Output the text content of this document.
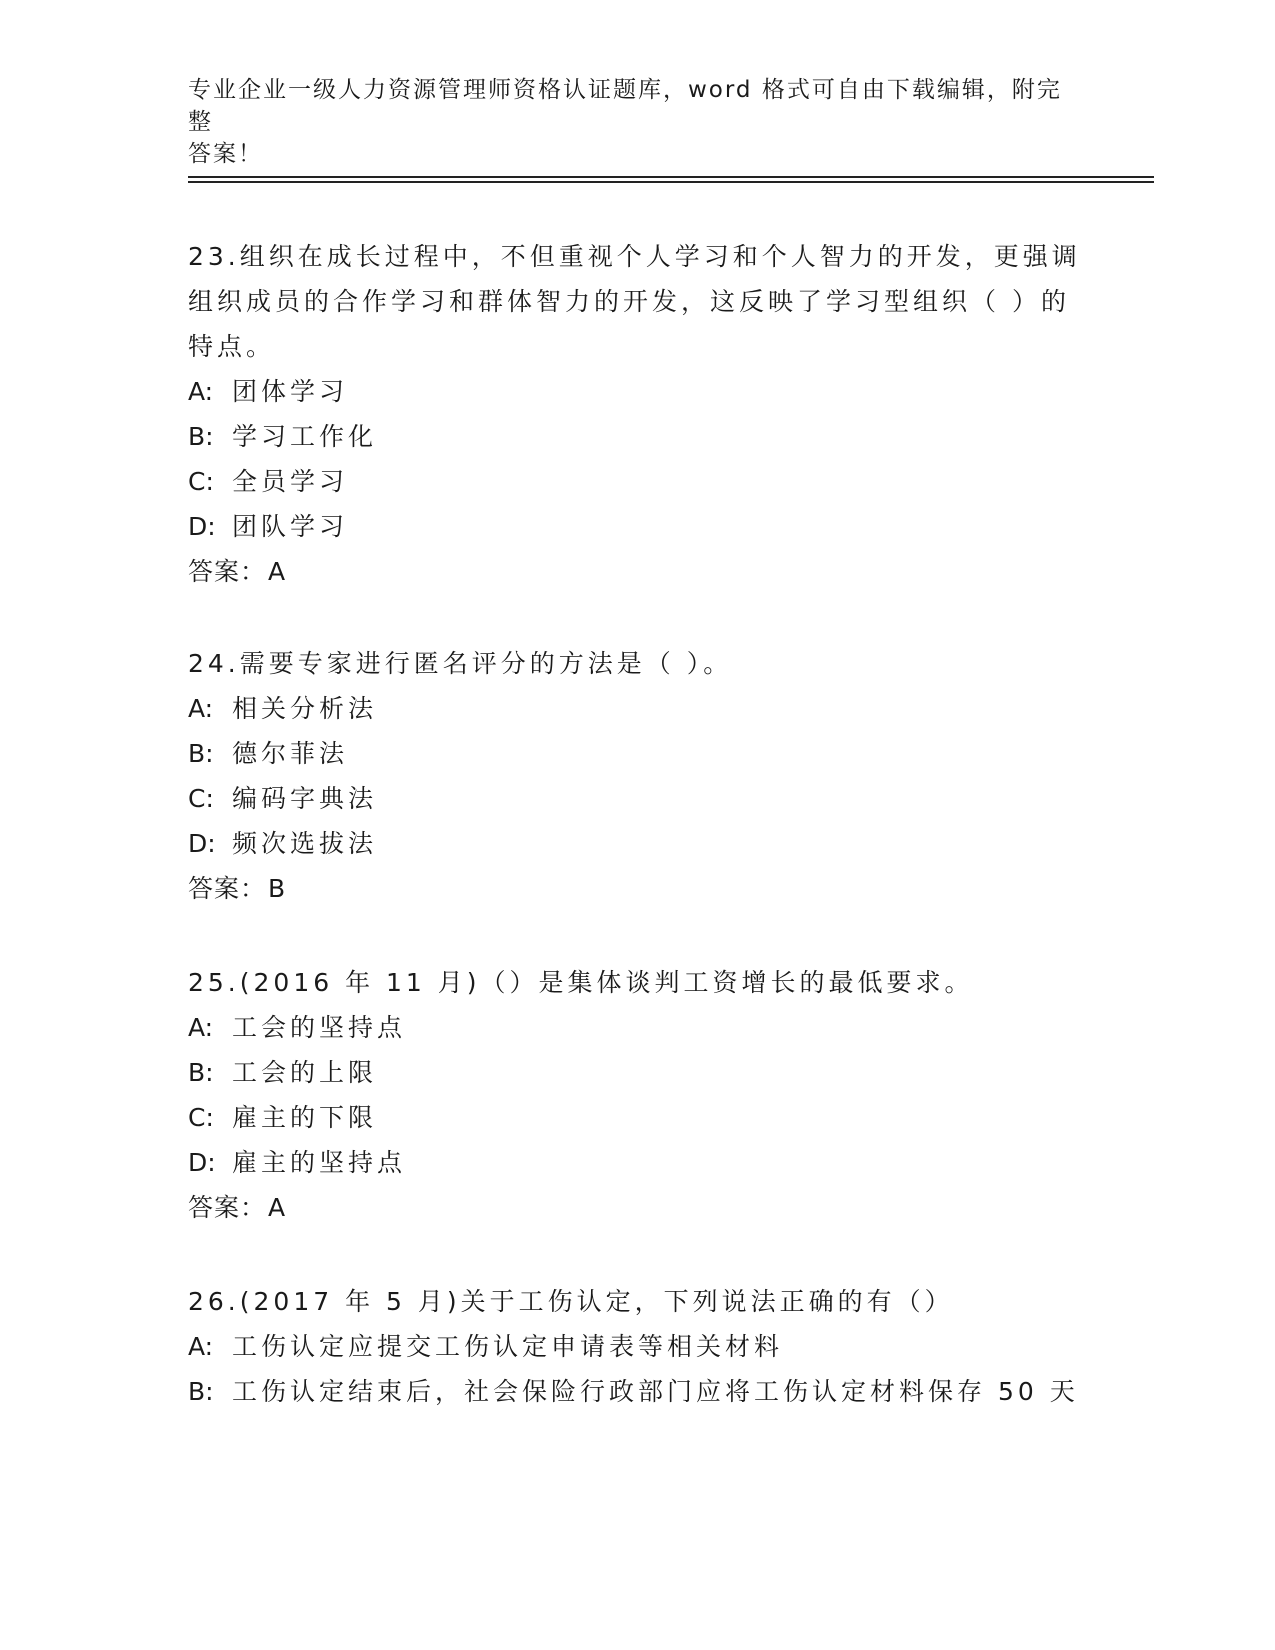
专业企业一级人力资源管理师资格认证题库，word 格式可自由下载编辑，附完整
答案！

23.组织在成长过程中，不但重视个人学习和个人智力的开发，更强调

组织成员的合作学习和群体智力的开发，这反映了学习型组织（ ）的

特点。

A: 团体学习

B: 学习工作化

C: 全员学习

D: 团队学习

答案：A

24.需要专家进行匿名评分的方法是（ ）。

A: 相关分析法

B: 德尔菲法

C: 编码字典法

D: 频次选拔法

答案：B

25.(2016 年 11 月)（）是集体谈判工资增长的最低要求。

A: 工会的坚持点

B: 工会的上限

C: 雇主的下限

D: 雇主的坚持点

答案：A

26.(2017 年 5 月)关于工伤认定，下列说法正确的有（）

A: 工伤认定应提交工伤认定申请表等相关材料

B: 工伤认定结束后，社会保险行政部门应将工伤认定材料保存 50 天
